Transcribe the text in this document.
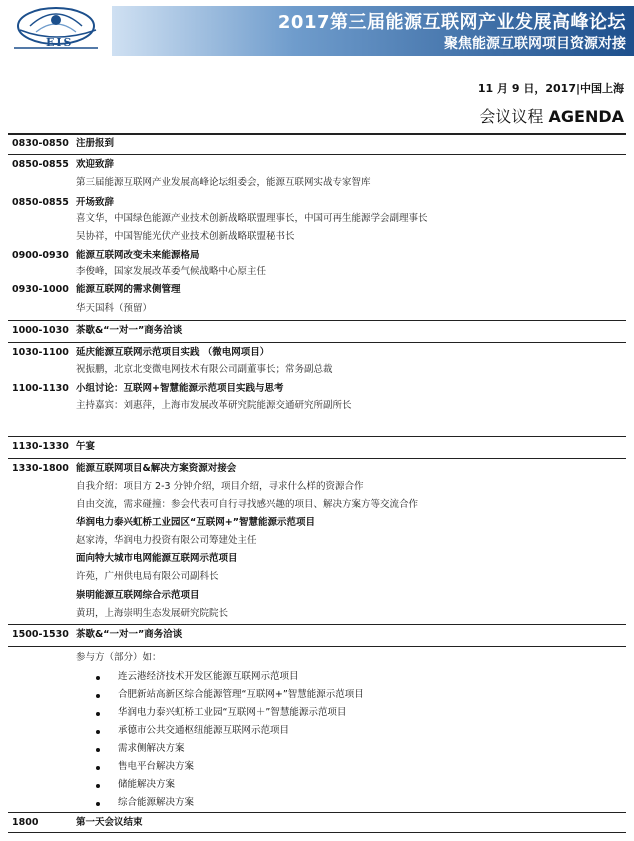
EIS
2017第三届能源互联网产业发展高峰论坛
聚焦能源互联网项目资源对接
11 月 9 日，2017|中国上海
会议议程 AGENDA
0830-0850 注册报到
0850-0855 欢迎致辞
第三届能源互联网产业发展高峰论坛组委会，能源互联网实战专家智库
0850-0855 开场致辞
喜文华，中国绿色能源产业技术创新战略联盟理事长，中国可再生能源学会副理事长
吴协祥，中国智能光伏产业技术创新战略联盟秘书长
0900-0930 能源互联网改变未来能源格局
李俊峰，国家发展改革委气候战略中心原主任
0930-1000 能源互联网的需求侧管理
华天国科（预留）
1000-1030 茶歇&“一对一”商务洽谈
1030-1100 延庆能源互联网示范项目实践 （微电网项目）
祝振鹏，北京北变微电网技术有限公司副董事长；常务副总裁
1100-1130 小组讨论：互联网+智慧能源示范项目实践与思考
主持嘉宾：刘惠萍，上海市发展改革研究院能源交通研究所副所长
1130-1330 午宴
1330-1800 能源互联网项目&解决方案资源对接会
自我介绍：项目方 2-3 分钟介绍，项目介绍，寻求什么样的资源合作
自由交流，需求碰撞：参会代表可自行寻找感兴趣的项目、解决方案方等交流合作
华润电力泰兴虹桥工业园区“互联网+”智慧能源示范项目
赵家涛，华润电力投资有限公司筹建处主任
面向特大城市电网能源互联网示范项目
许苑，广州供电局有限公司副科长
崇明能源互联网综合示范项目
黄玥，上海崇明生态发展研究院院长
1500-1530 茶歇&“一对一”商务洽谈
参与方（部分）如：
连云港经济技术开发区能源互联网示范项目
合肥新站高新区综合能源管理“互联网+”智慧能源示范项目
华润电力泰兴虹桥工业园“互联网＋”智慧能源示范项目
承德市公共交通枢纽能源互联网示范项目
需求侧解决方案
售电平台解决方案
储能解决方案
综合能源解决方案
1800	第一天会议结束
